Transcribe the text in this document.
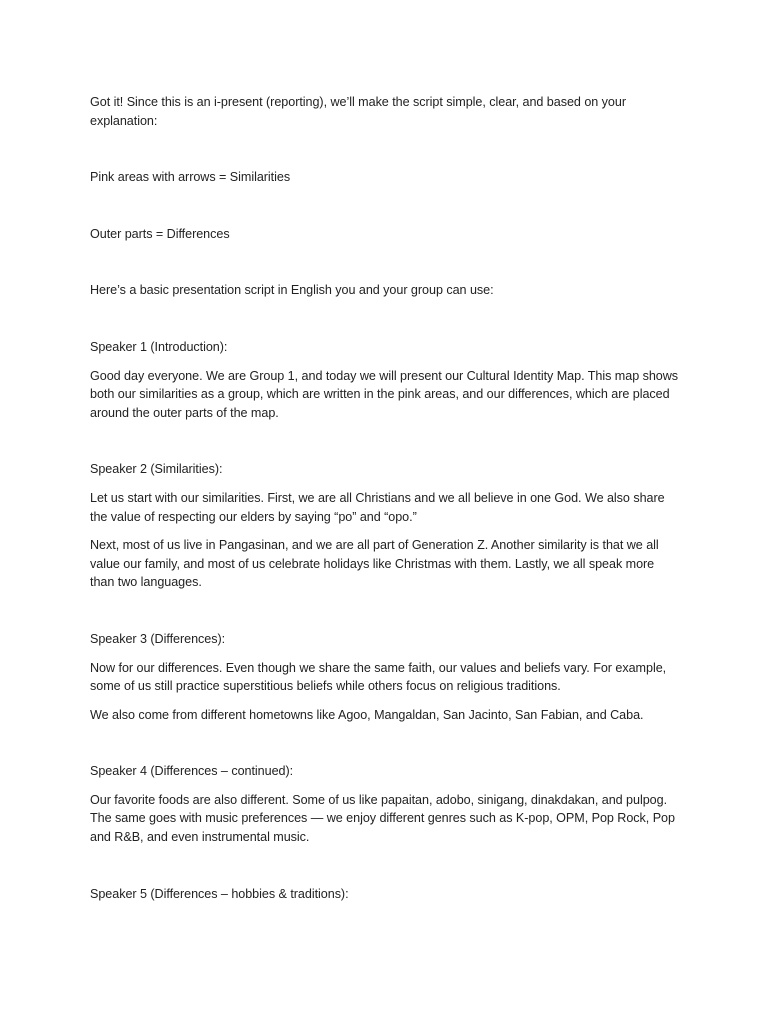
Got it! Since this is an i-present (reporting), we’ll make the script simple, clear, and based on your explanation:

Pink areas with arrows = Similarities

Outer parts = Differences

Here’s a basic presentation script in English you and your group can use:

Speaker 1 (Introduction):

Good day everyone. We are Group 1, and today we will present our Cultural Identity Map. This map shows both our similarities as a group, which are written in the pink areas, and our differences, which are placed around the outer parts of the map.

Speaker 2 (Similarities):

Let us start with our similarities. First, we are all Christians and we all believe in one God. We also share the value of respecting our elders by saying “po” and “opo.”

Next, most of us live in Pangasinan, and we are all part of Generation Z. Another similarity is that we all value our family, and most of us celebrate holidays like Christmas with them. Lastly, we all speak more than two languages.

Speaker 3 (Differences):

Now for our differences. Even though we share the same faith, our values and beliefs vary. For example, some of us still practice superstitious beliefs while others focus on religious traditions.

We also come from different hometowns like Agoo, Mangaldan, San Jacinto, San Fabian, and Caba.

Speaker 4 (Differences – continued):

Our favorite foods are also different. Some of us like papaitan, adobo, sinigang, dinakdakan, and pulpog. The same goes with music preferences — we enjoy different genres such as K-pop, OPM, Pop Rock, Pop and R&B, and even instrumental music.

Speaker 5 (Differences – hobbies & traditions):
